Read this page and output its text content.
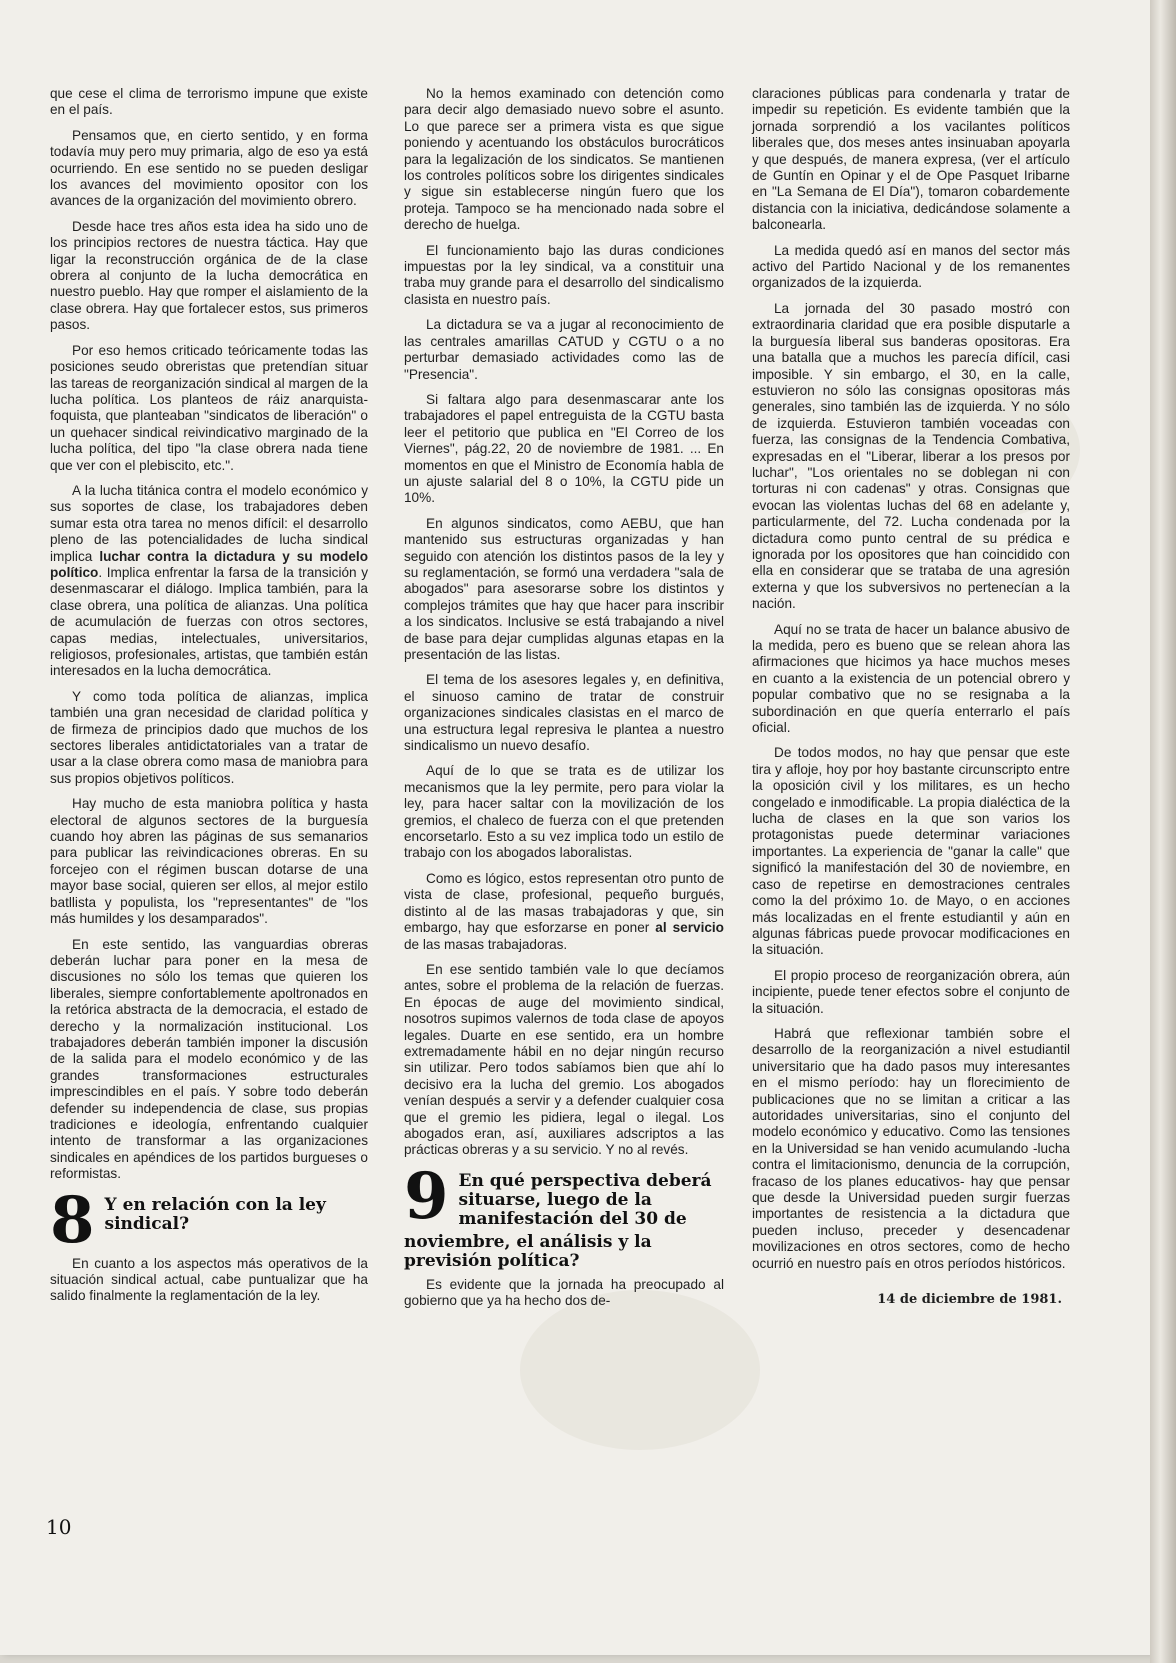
que cese el clima de terrorismo impune que existe en el país.

Pensamos que, en cierto sentido, y en forma todavía muy pero muy primaria, algo de eso ya está ocurriendo. En ese sentido no se pueden desligar los avances del movimiento opositor con los avances de la organización del movimiento obrero.

Desde hace tres años esta idea ha sido uno de los principios rectores de nuestra táctica. Hay que ligar la reconstrucción orgánica de de la clase obrera al conjunto de la lucha democrática en nuestro pueblo. Hay que romper el aislamiento de la clase obrera. Hay que fortalecer estos, sus primeros pasos.

Por eso hemos criticado teóricamente todas las posiciones seudo obreristas que pretendían situar las tareas de reorganización sindical al margen de la lucha política. Los planteos de ráiz anarquista-foquista, que planteaban "sindicatos de liberación" o un quehacer sindical reivindicativo marginado de la lucha política, del tipo "la clase obrera nada tiene que ver con el plebiscito, etc.".

A la lucha titánica contra el modelo económico y sus soportes de clase, los trabajadores deben sumar esta otra tarea no menos difícil: el desarrollo pleno de las potencialidades de lucha sindical implica luchar contra la dictadura y su modelo político. Implica enfrentar la farsa de la transición y desenmascarar el diálogo. Implica también, para la clase obrera, una política de alianzas. Una política de acumulación de fuerzas con otros sectores, capas medias, intelectuales, universitarios, religiosos, profesionales, artistas, que también están interesados en la lucha democrática.

Y como toda política de alianzas, implica también una gran necesidad de claridad política y de firmeza de principios dado que muchos de los sectores liberales antidictatoriales van a tratar de usar a la clase obrera como masa de maniobra para sus propios objetivos políticos.

Hay mucho de esta maniobra política y hasta electoral de algunos sectores de la burguesía cuando hoy abren las páginas de sus semanarios para publicar las reivindicaciones obreras. En su forcejeo con el régimen buscan dotarse de una mayor base social, quieren ser ellos, al mejor estilo batllista y populista, los "representantes" de "los más humildes y los desamparados".

En este sentido, las vanguardias obreras deberán luchar para poner en la mesa de discusiones no sólo los temas que quieren los liberales, siempre confortablemente apoltronados en la retórica abstracta de la democracia, el estado de derecho y la normalización institucional. Los trabajadores deberán también imponer la discusión de la salida para el modelo económico y de las grandes transformaciones estructurales imprescindibles en el país. Y sobre todo deberán defender su independencia de clase, sus propias tradiciones e ideología, enfrentando cualquier intento de transformar a las organizaciones sindicales en apéndices de los partidos burgueses o reformistas.

8 Y en relación con la ley sindical?

En cuanto a los aspectos más operativos de la situación sindical actual, cabe puntualizar que ha salido finalmente la reglamentación de la ley.

No la hemos examinado con detención como para decir algo demasiado nuevo sobre el asunto. Lo que parece ser a primera vista es que sigue poniendo y acentuando los obstáculos burocráticos para la legalización de los sindicatos. Se mantienen los controles políticos sobre los dirigentes sindicales y sigue sin establecerse ningún fuero que los proteja. Tampoco se ha mencionado nada sobre el derecho de huelga.

El funcionamiento bajo las duras condiciones impuestas por la ley sindical, va a constituir una traba muy grande para el desarrollo del sindicalismo clasista en nuestro país.

La dictadura se va a jugar al reconocimiento de las centrales amarillas CATUD y CGTU o a no perturbar demasiado actividades como las de "Presencia".

Si faltara algo para desenmascarar ante los trabajadores el papel entreguista de la CGTU basta leer el petitorio que publica en "El Correo de los Viernes", pág.22, 20 de noviembre de 1981. ... En momentos en que el Ministro de Economía habla de un ajuste salarial del 8 o 10%, la CGTU pide un 10%.

En algunos sindicatos, como AEBU, que han mantenido sus estructuras organizadas y han seguido con atención los distintos pasos de la ley y su reglamentación, se formó una verdadera "sala de abogados" para asesorarse sobre los distintos y complejos trámites que hay que hacer para inscribir a los sindicatos. Inclusive se está trabajando a nivel de base para dejar cumplidas algunas etapas en la presentación de las listas.

El tema de los asesores legales y, en definitiva, el sinuoso camino de tratar de construir organizaciones sindicales clasistas en el marco de una estructura legal represiva le plantea a nuestro sindicalismo un nuevo desafío.

Aquí de lo que se trata es de utilizar los mecanismos que la ley permite, pero para violar la ley, para hacer saltar con la movilización de los gremios, el chaleco de fuerza con el que pretenden encorsetarlo. Esto a su vez implica todo un estilo de trabajo con los abogados laboralistas.

Como es lógico, estos representan otro punto de vista de clase, profesional, pequeño burgués, distinto al de las masas trabajadoras y que, sin embargo, hay que esforzarse en poner al servicio de las masas trabajadoras.

En ese sentido también vale lo que decíamos antes, sobre el problema de la relación de fuerzas. En épocas de auge del movimiento sindical, nosotros supimos valernos de toda clase de apoyos legales. Duarte en ese sentido, era un hombre extremadamente hábil en no dejar ningún recurso sin utilizar. Pero todos sabíamos bien que ahí lo decisivo era la lucha del gremio. Los abogados venían después a servir y a defender cualquier cosa que el gremio les pidiera, legal o ilegal. Los abogados eran, así, auxiliares adscriptos a las prácticas obreras y a su servicio. Y no al revés.

9 En qué perspectiva deberá situarse, luego de la manifestación del 30 de
noviembre, el análisis y la previsión política?

Es evidente que la jornada ha preocupado al gobierno que ya ha hecho dos de-

claraciones públicas para condenarla y tratar de impedir su repetición. Es evidente también que la jornada sorprendió a los vacilantes políticos liberales que, dos meses antes insinuaban apoyarla y que después, de manera expresa, (ver el artículo de Guntín en Opinar y el de Ope Pasquet Iribarne en "La Semana de El Día"), tomaron cobardemente distancia con la iniciativa, dedicándose solamente a balconearla.

La medida quedó así en manos del sector más activo del Partido Nacional y de los remanentes organizados de la izquierda.

La jornada del 30 pasado mostró con extraordinaria claridad que era posible disputarle a la burguesía liberal sus banderas opositoras. Era una batalla que a muchos les parecía difícil, casi imposible. Y sin embargo, el 30, en la calle, estuvieron no sólo las consignas opositoras más generales, sino también las de izquierda. Y no sólo de izquierda. Estuvieron también voceadas con fuerza, las consignas de la Tendencia Combativa, expresadas en el "Liberar, liberar a los presos por luchar", "Los orientales no se doblegan ni con torturas ni con cadenas" y otras. Consignas que evocan las violentas luchas del 68 en adelante y, particularmente, del 72. Lucha condenada por la dictadura como punto central de su prédica e ignorada por los opositores que han coincidido con ella en considerar que se trataba de una agresión externa y que los subversivos no pertenecían a la nación.

Aquí no se trata de hacer un balance abusivo de la medida, pero es bueno que se relean ahora las afirmaciones que hicimos ya hace muchos meses en cuanto a la existencia de un potencial obrero y popular combativo que no se resignaba a la subordinación en que quería enterrarlo el país oficial.

De todos modos, no hay que pensar que este tira y afloje, hoy por hoy bastante circunscripto entre la oposición civil y los militares, es un hecho congelado e inmodificable. La propia dialéctica de la lucha de clases en la que son varios los protagonistas puede determinar variaciones importantes. La experiencia de "ganar la calle" que significó la manifestación del 30 de noviembre, en caso de repetirse en demostraciones centrales como la del próximo 1o. de Mayo, o en acciones más localizadas en el frente estudiantil y aún en algunas fábricas puede provocar modificaciones en la situación.

El propio proceso de reorganización obrera, aún incipiente, puede tener efectos sobre el conjunto de la situación.

Habrá que reflexionar también sobre el desarrollo de la reorganización a nivel estudiantil universitario que ha dado pasos muy interesantes en el mismo período: hay un florecimiento de publicaciones que no se limitan a criticar a las autoridades universitarias, sino el conjunto del modelo económico y educativo. Como las tensiones en la Universidad se han venido acumulando -lucha contra el limitacionismo, denuncia de la corrupción, fracaso de los planes educativos- hay que pensar que desde la Universidad pueden surgir fuerzas importantes de resistencia a la dictadura que pueden incluso, preceder y desencadenar movilizaciones en otros sectores, como de hecho ocurrió en nuestro país en otros períodos históricos.

14 de diciembre de 1981.
10
